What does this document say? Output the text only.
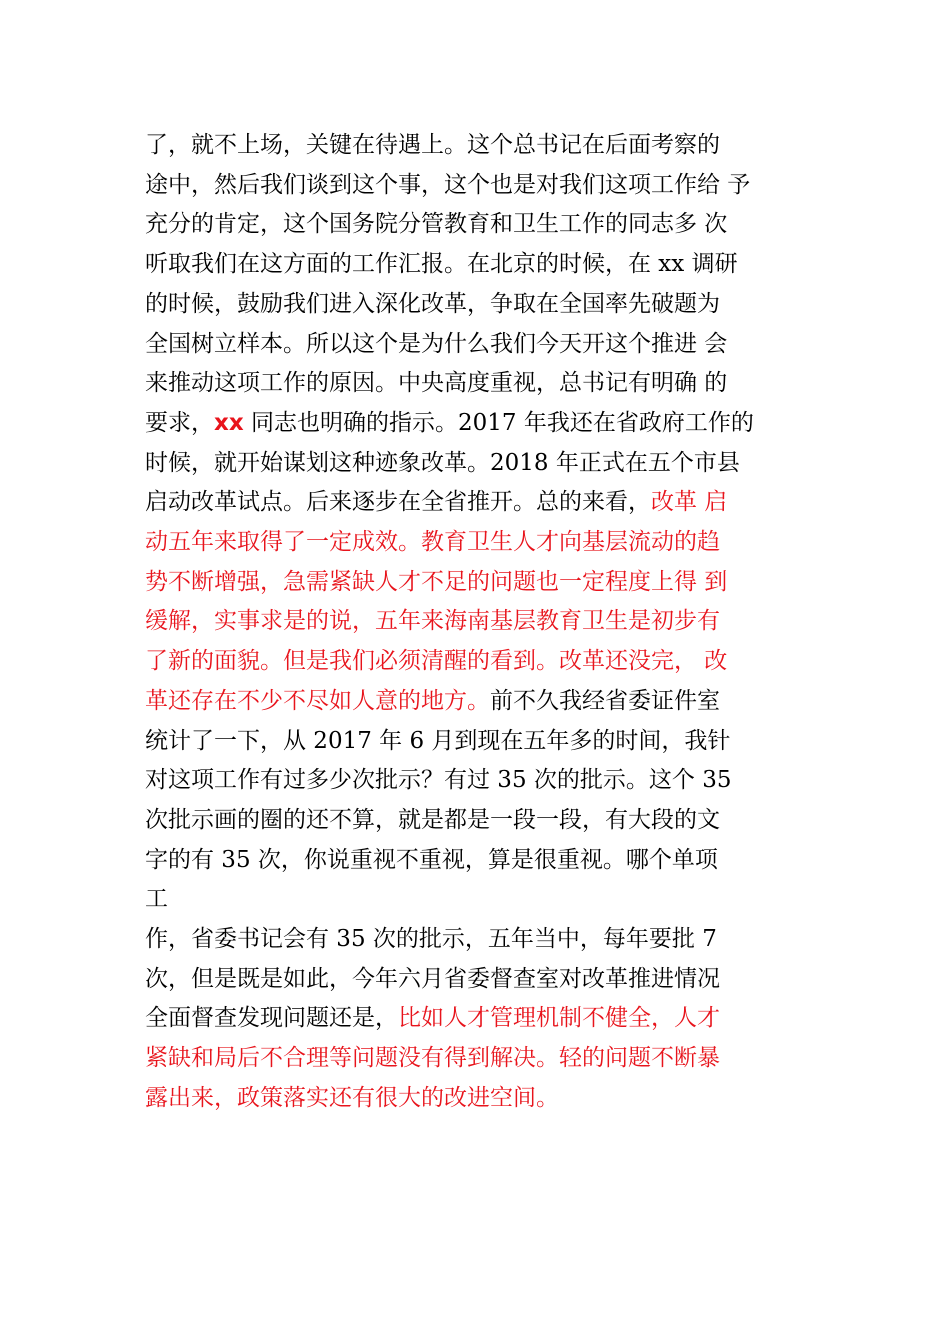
了，就不上场，关键在待遇上。这个总书记在后面考察的
途中，然后我们谈到这个事，这个也是对我们这项工作给 予
充分的肯定，这个国务院分管教育和卫生工作的同志多 次
听取我们在这方面的工作汇报。在北京的时候，在 xx 调研
的时候，鼓励我们进入深化改革，争取在全国率先破题为
全国树立样本。所以这个是为什么我们今天开这个推进 会
来推动这项工作的原因。中央高度重视，总书记有明确 的
要求，xx 同志也明确的指示。2017 年我还在省政府工作的
时候，就开始谋划这种迹象改革。2018 年正式在五个市县
启动改革试点。后来逐步在全省推开。总的来看，改革 启
动五年来取得了一定成效。教育卫生人才向基层流动的趋
势不断增强，急需紧缺人才不足的问题也一定程度上得 到
缓解，实事求是的说，五年来海南基层教育卫生是初步有
了新的面貌。但是我们必须清醒的看到。改革还没完， 改
革还存在不少不尽如人意的地方。前不久我经省委证件室
统计了一下，从 2017 年 6 月到现在五年多的时间，我针
对这项工作有过多少次批示？有过 35 次的批示。这个 35
次批示画的圈的还不算，就是都是一段一段，有大段的文
字的有 35 次，你说重视不重视，算是很重视。哪个单项
工
作，省委书记会有 35 次的批示，五年当中，每年要批 7
次，但是既是如此，今年六月省委督查室对改革推进情况
全面督查发现问题还是，比如人才管理机制不健全，人才
紧缺和局后不合理等问题没有得到解决。轻的问题不断暴
露出来，政策落实还有很大的改进空间。
